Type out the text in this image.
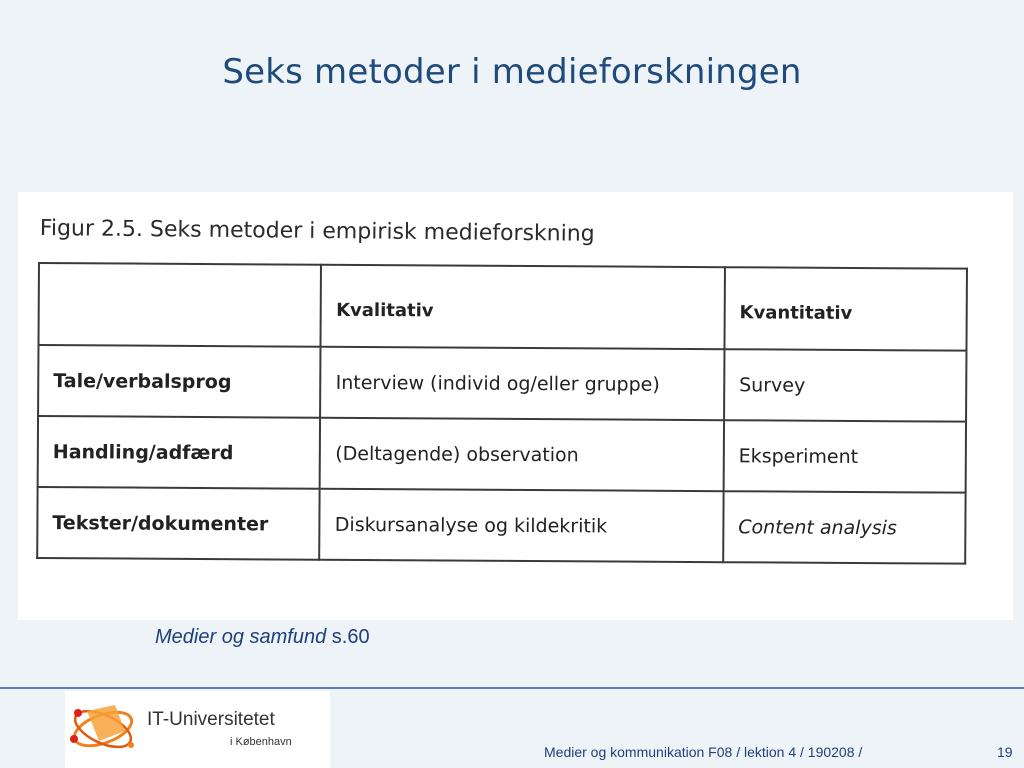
Seks metoder i medieforskningen
Figur 2.5. Seks metoder i empirisk medieforskning
	Kvalitativ	Kvantitativ
Tale/verbalsprog	Interview (individ og/eller gruppe)	Survey
Handling/adfærd	(Deltagende) observation	Eksperiment
Tekster/dokumenter	Diskursanalyse og kildekritik	Content analysis
Medier og samfund s.60
IT-Universitetet
i København
Medier og kommunikation F08 / lektion 4 / 190208 /	19
